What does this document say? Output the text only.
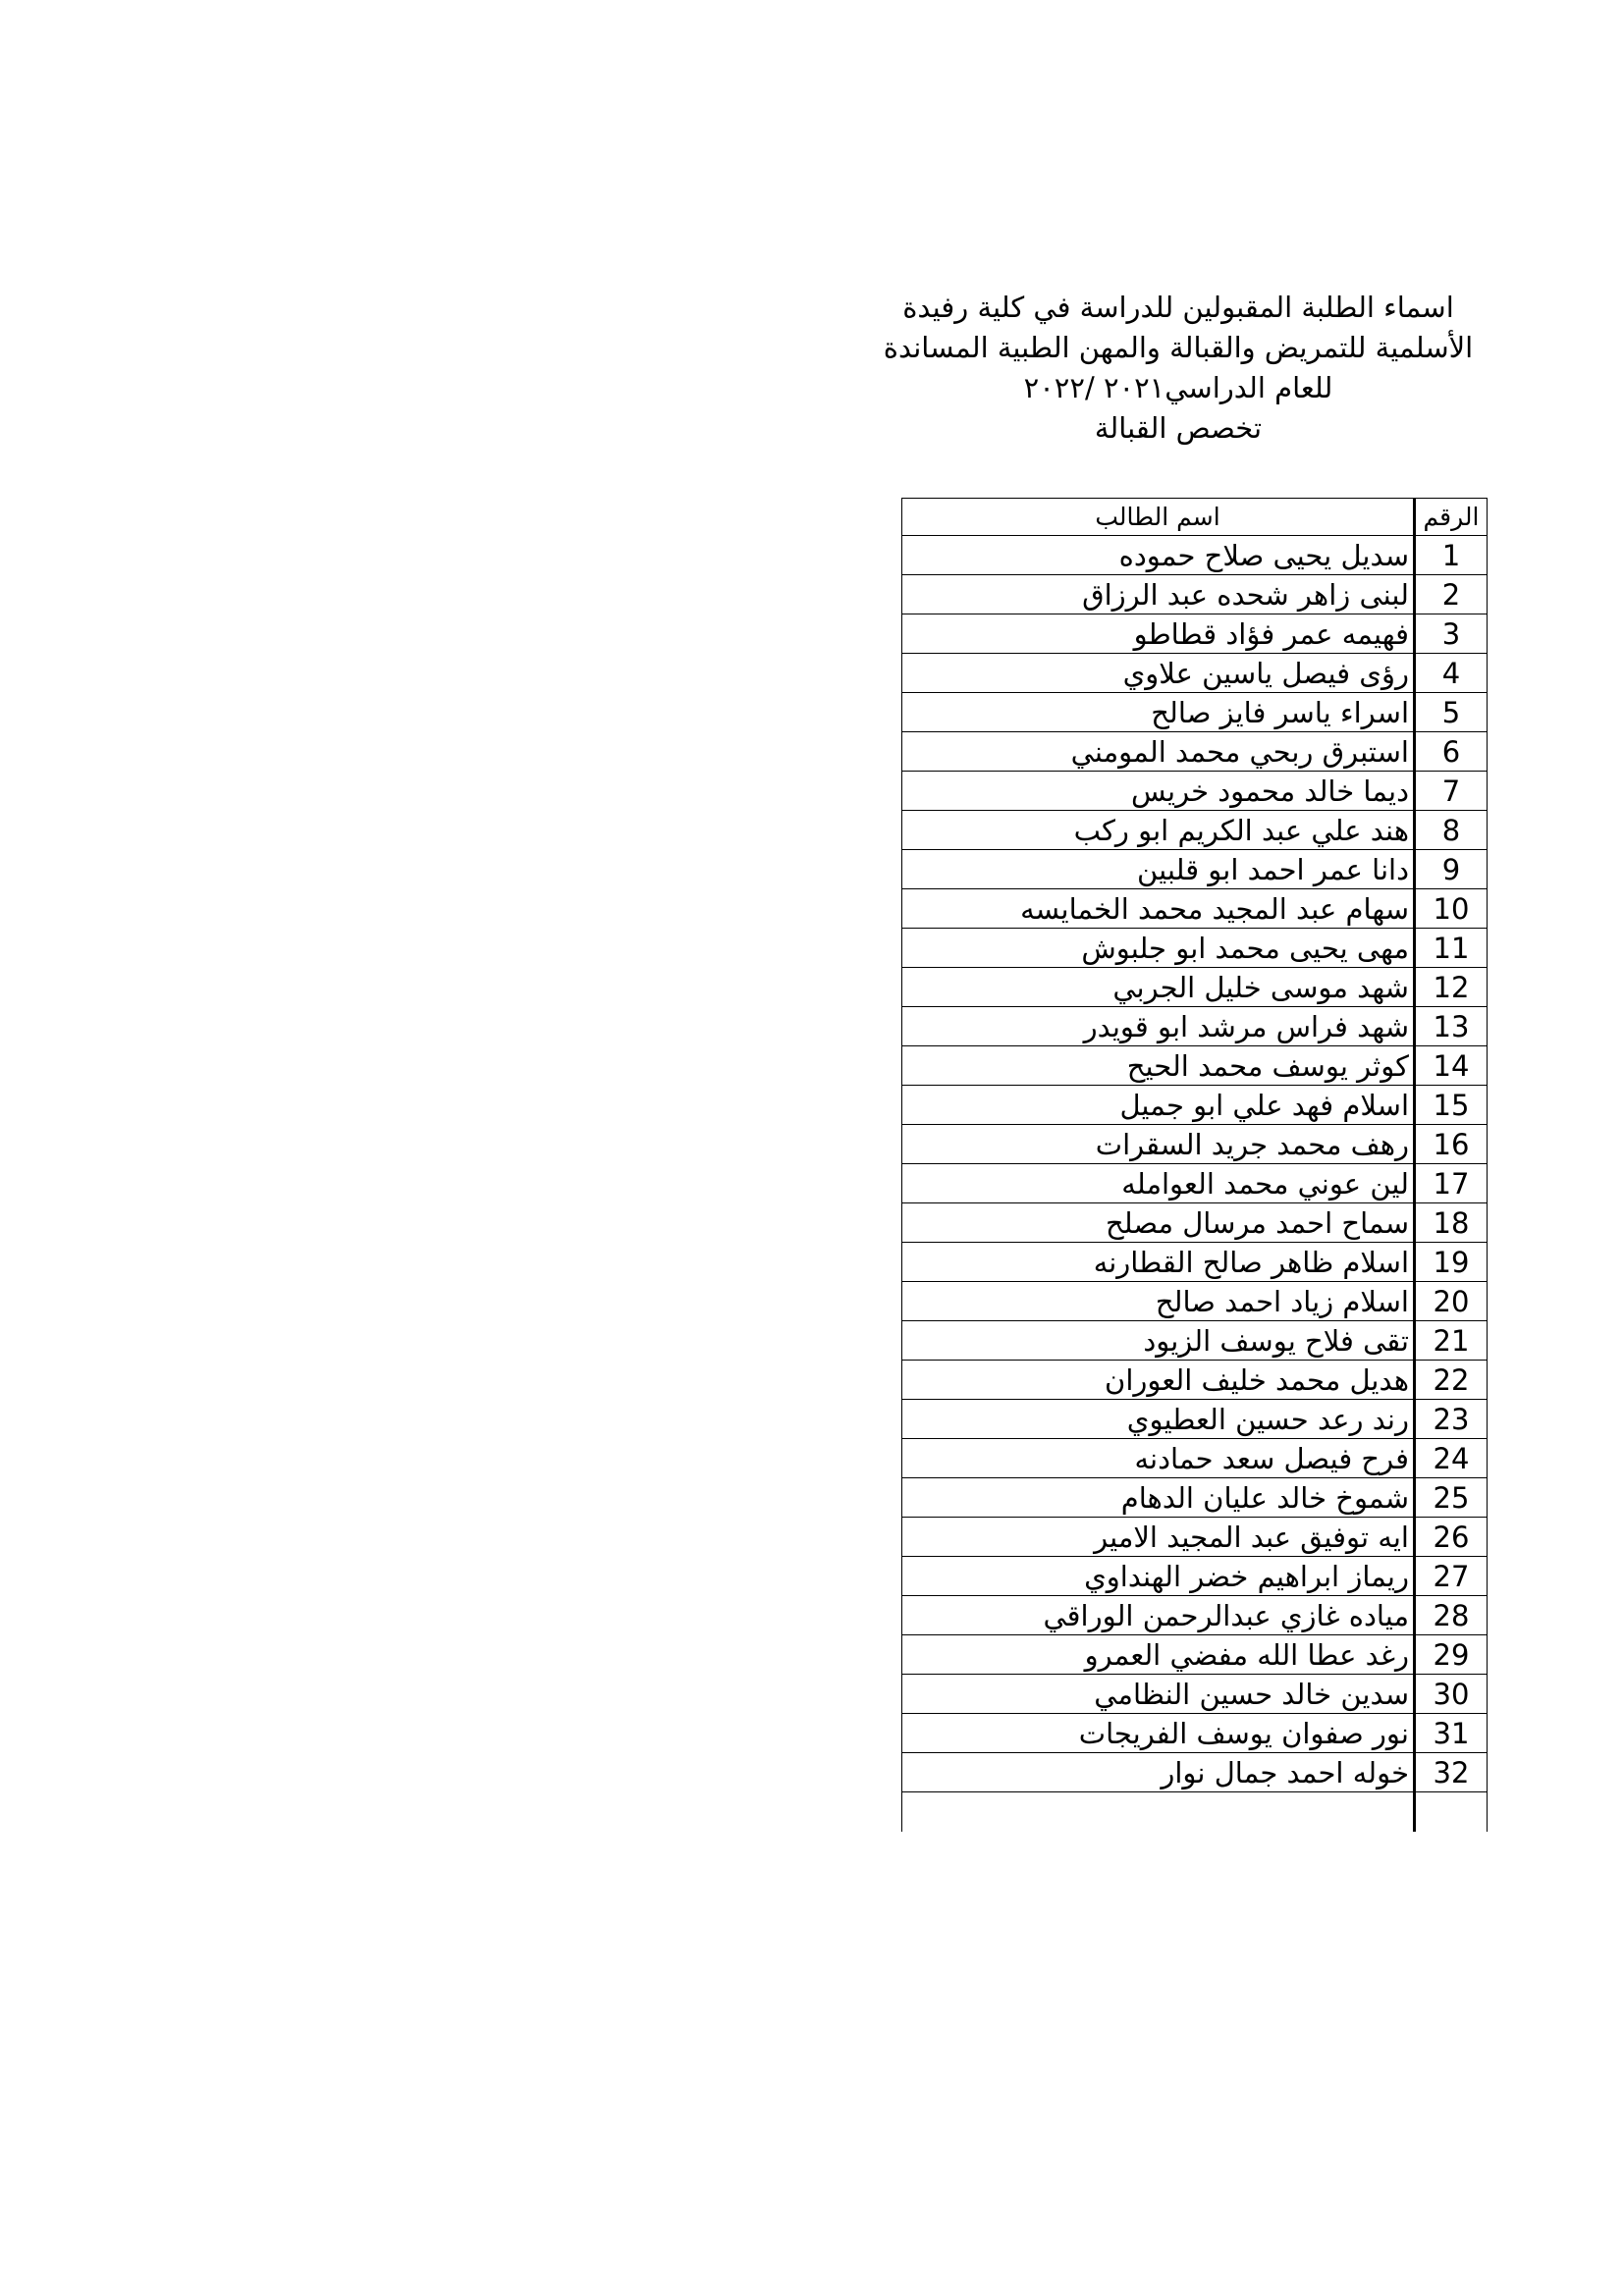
اسماء الطلبة المقبولين للدراسة في كلية رفيدة
الأسلمية للتمريض والقبالة والمهن الطبية المساندة
للعام الدراسي٢٠٢١ /٢٠٢٢
تخصص القبالة
الرقم	اسم الطالب
1	سديل يحيى صلاح حموده
2	لبنى زاهر شحده عبد الرزاق
3	فهيمه عمر فؤاد قطاطو
4	رؤى فيصل ياسين علاوي
5	اسراء ياسر فايز صالح
6	استبرق ربحي محمد المومني
7	ديما خالد محمود خريس
8	هند علي عبد الكريم ابو ركب
9	دانا عمر احمد ابو قلبين
10	سهام عبد المجيد محمد الخمايسه
11	مهى يحيى محمد ابو جلبوش
12	شهد موسى خليل الجربي
13	شهد فراس مرشد ابو قويدر
14	كوثر يوسف محمد الحيح
15	اسلام فهد علي ابو جميل
16	رهف محمد جريد السقرات
17	لين عوني محمد العوامله
18	سماح احمد مرسال مصلح
19	اسلام ظاهر صالح القطارنه
20	اسلام زياد احمد صالح
21	تقى فلاح يوسف الزيود
22	هديل محمد خليف العوران
23	رند رعد حسين العطيوي
24	فرح فيصل سعد حمادنه
25	شموخ خالد عليان الدهام
26	ايه توفيق عبد المجيد الامير
27	ريماز ابراهيم خضر الهنداوي
28	مياده غازي عبدالرحمن الوراقي
29	رغد عطا الله مفضي العمرو
30	سدين خالد حسين النظامي
31	نور صفوان يوسف الفريجات
32	خوله احمد جمال نوار
